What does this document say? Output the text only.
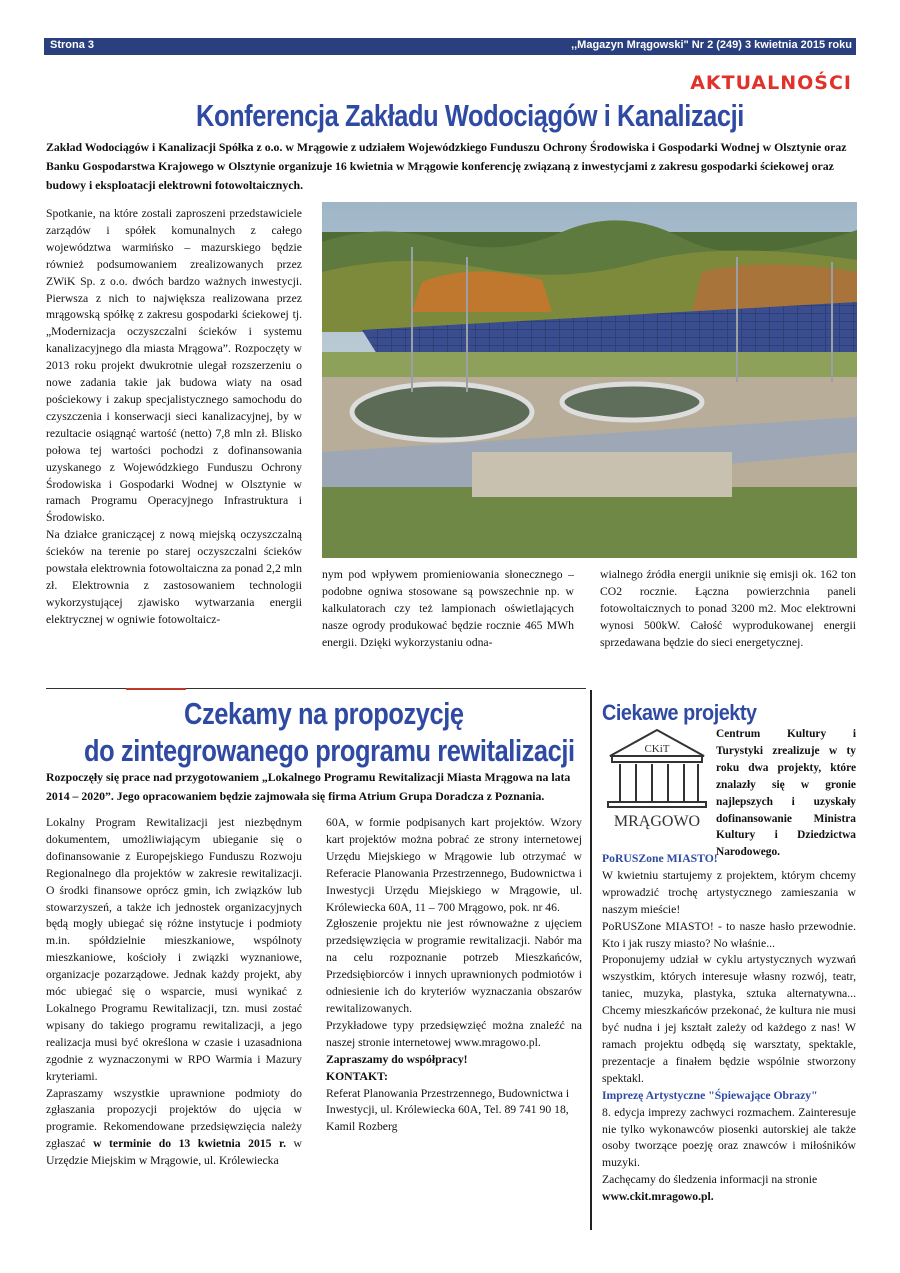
Strona 3	,,Magazyn Mrągowski" Nr 2 (249) 3 kwietnia 2015 roku
AKTUALNOŚCI
Konferencja Zakładu Wodociągów i Kanalizacji
Zakład Wodociągów i Kanalizacji Spółka z o.o. w Mrągowie z udziałem Wojewódzkiego Funduszu Ochrony Środowiska i Gospodarki Wodnej w Olsztynie oraz Banku Gospodarstwa Krajowego w Olsztynie organizuje 16 kwietnia w Mrągowie konferencję związaną z inwestycjami z zakresu gospodarki ściekowej oraz budowy i eksploatacji elektrowni fotowoltaicznych.

Spotkanie, na które zostali zaproszeni przedstawiciele zarządów i spółek komunalnych z całego województwa warmińsko – mazurskiego będzie również podsumowaniem zrealizowanych przez ZWiK Sp. z o.o. dwóch bardzo ważnych inwestycji. Pierwsza z nich to największa realizowana przez mrągowską spółkę z zakresu gospodarki ściekowej tj. „Modernizacja oczyszczalni ścieków i systemu kanalizacyjnego dla miasta Mrągowa”. Rozpoczęty w 2013 roku projekt dwukrotnie ulegał rozszerzeniu o nowe zadania takie jak budowa wiaty na osad pościekowy i zakup specjalistycznego samochodu do czyszczenia i konserwacji sieci kanalizacyjnej, by w rezultacie osiągnąć wartość (netto) 7,8 mln zł. Blisko połowa tej wartości pochodzi z dofinansowania uzyskanego z Wojewódzkiego Funduszu Ochrony Środowiska i Gospodarki Wodnej w Olsztynie w ramach Programu Operacyjnego Infrastruktura i Środowisko.

Na działce graniczącej z nową miejską oczyszczalną ścieków na terenie po starej oczyszczalni ścieków powstała elektrownia fotowoltaiczna za ponad 2,2 mln zł. Elektrownia z zastosowaniem technologii wykorzystującej zjawisko wytwarzania energii elektrycznej w ogniwie fotowoltaicz-

nym pod wpływem promieniowania słonecznego – podobne ogniwa stosowane są powszechnie np. w kalkulatorach czy też lampionach oświetlających nasze ogrody produkować będzie rocznie 465 MWh energii. Dzięki wykorzystaniu odna-
wialnego źródła energii uniknie się emisji ok. 162 ton CO2 rocznie. Łączna powierzchnia paneli fotowoltaicznych to ponad 3200 m2. Moc elektrowni wynosi 500kW. Całość wyprodukowanej energii sprzedawana będzie do sieci energetycznej.
Czekamy na propozycję
do zintegrowanego programu rewitalizacji
Rozpoczęły się prace nad przygotowaniem „Lokalnego Programu Rewitalizacji Miasta Mrągowa na lata 2014 – 2020”. Jego opracowaniem będzie zajmowała się firma Atrium Grupa Doradcza z Poznania.

Lokalny Program Rewitalizacji jest niezbędnym dokumentem, umożliwiającym ubieganie się o dofinansowanie z Europejskiego Funduszu Rozwoju Regionalnego dla projektów w zakresie rewitalizacji. O środki finansowe oprócz gmin, ich związków lub stowarzyszeń, a także ich jednostek organizacyjnych będą mogły ubiegać się różne instytucje i podmioty m.in. spółdzielnie mieszkaniowe, wspólnoty mieszkaniowe, kościoły i związki wyznaniowe, organizacje pozarządowe. Jednak każdy projekt, aby móc ubiegać się o wsparcie, musi wynikać z Lokalnego Programu Rewitalizacji, tzn. musi zostać wpisany do takiego programu rewitalizacji, a jego realizacja musi być określona w czasie i uzasadniona zgodnie z wyznaczonymi w RPO Warmia i Mazury kryteriami.

Zapraszamy wszystkie uprawnione podmioty do zgłaszania propozycji projektów do ujęcia w programie. Rekomendowane przedsięwzięcia należy zgłaszać w terminie do 13 kwietnia 2015 r. w Urzędzie Miejskim w Mrągowie, ul. Królewiecka

60A, w formie podpisanych kart projektów. Wzory kart projektów można pobrać ze strony internetowej Urzędu Miejskiego w Mrągowie lub otrzymać w Referacie Planowania Przestrzennego, Budownictwa i Inwestycji Urzędu Miejskiego w Mrągowie, ul. Królewiecka 60A, 11 – 700 Mrągowo, pok. nr 46.

Zgłoszenie projektu nie jest równoważne z ujęciem przedsięwzięcia w programie rewitalizacji. Nabór ma na celu rozpoznanie potrzeb Mieszkańców, Przedsiębiorców i innych uprawnionych podmiotów i odniesienie ich do kryteriów wyznaczania obszarów rewitalizowanych.

Przykładowe typy przedsięwzięć można znaleźć na naszej stronie internetowej www.mragowo.pl.

Zapraszamy do współpracy!

KONTAKT:

Referat Planowania Przestrzennego, Budownictwa i Inwestycji, ul. Królewiecka 60A, Tel. 89 741 90 18, Kamil Rozberg

Ciekawe projekty
CKiT
MRĄGOWO
Centrum Kultury i Turystyki zrealizuje w ty roku dwa projekty, które znalazły się w gronie najlepszych i uzyskały dofinansowanie Ministra Kultury i Dziedzictwa Narodowego.

PoRUSZone MIASTO!

W kwietniu startujemy z projektem, którym chcemy wprowadzić trochę artystycznego zamieszania w naszym mieście!

PoRUSZone MIASTO! - to nasze hasło przewodnie. Kto i jak ruszy miasto? No właśnie...

Proponujemy udział w cyklu artystycznych wyzwań wszystkim, których interesuje własny rozwój, teatr, taniec, muzyka, plastyka, sztuka alternatywna... Chcemy mieszkańców przekonać, że kultura nie musi być nudna i jej kształt zależy od każdego z nas! W ramach projektu odbędą się warsztaty, spektakle, prezentacje a finałem będzie wspólnie stworzony spektakl.

Imprezę Artystyczne "Śpiewające Obrazy"

8. edycja imprezy zachwyci rozmachem. Zainteresuje nie tylko wykonawców piosenki autorskiej ale także osoby tworzące poezję oraz znawców i miłośników muzyki.

Zachęcamy do śledzenia informacji na stronie

www.ckit.mragowo.pl.
